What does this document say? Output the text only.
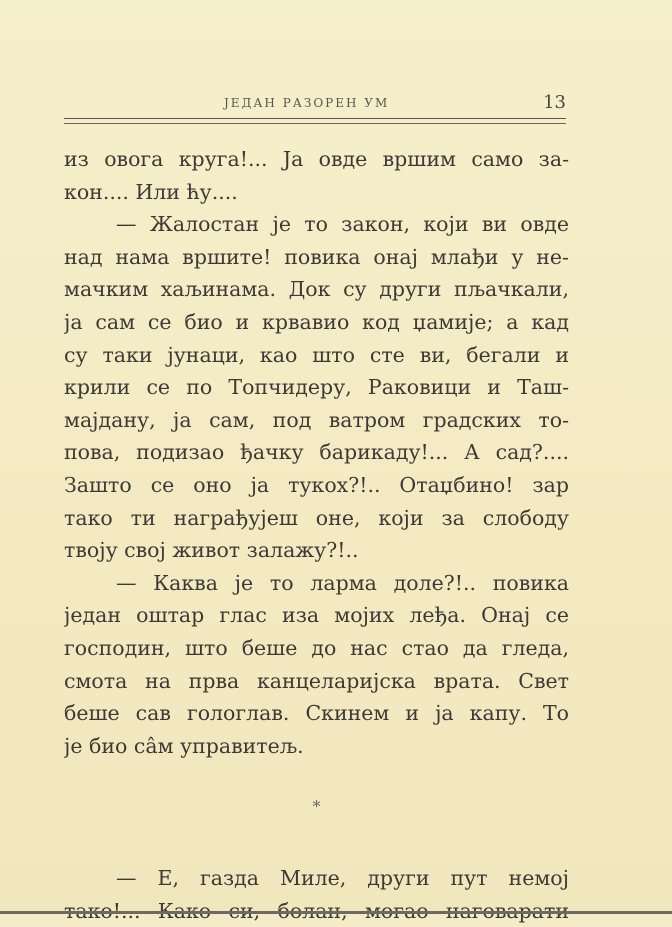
ЈЕДАН РАЗОРЕН УМ	13
из овога круга!... Ја овде вршим само за-
кон.... Или ћу....
— Жалостан је то закон, који ви овде
над нама вршите! повика онај млађи у не-
мачким хаљинама. Док су други пљачкали,
ја сам се био и крвавио код џамије; а кад
су таки јунаци, као што сте ви, бегали и
крили се по Топчидеру, Раковици и Таш-
мајдану, ја сам, под ватром градских то-
пова, подизао ђачку барикаду!... А сад?....
Зашто се оно ја тукох?!.. Отаџбино! зар
тако ти награђујеш оне, који за слободу
твоју свој живот залажу?!..
— Каква је то ларма доле?!.. повика
један оштар глас иза мојих леђа. Онај се
господин, што беше до нас стао да гледа,
смота на прва канцеларијска врата. Свет
беше сав гологлав. Скинем и ја капу. То
је био са̂м управитељ.
*
— Е, газда Миле, други пут немој
